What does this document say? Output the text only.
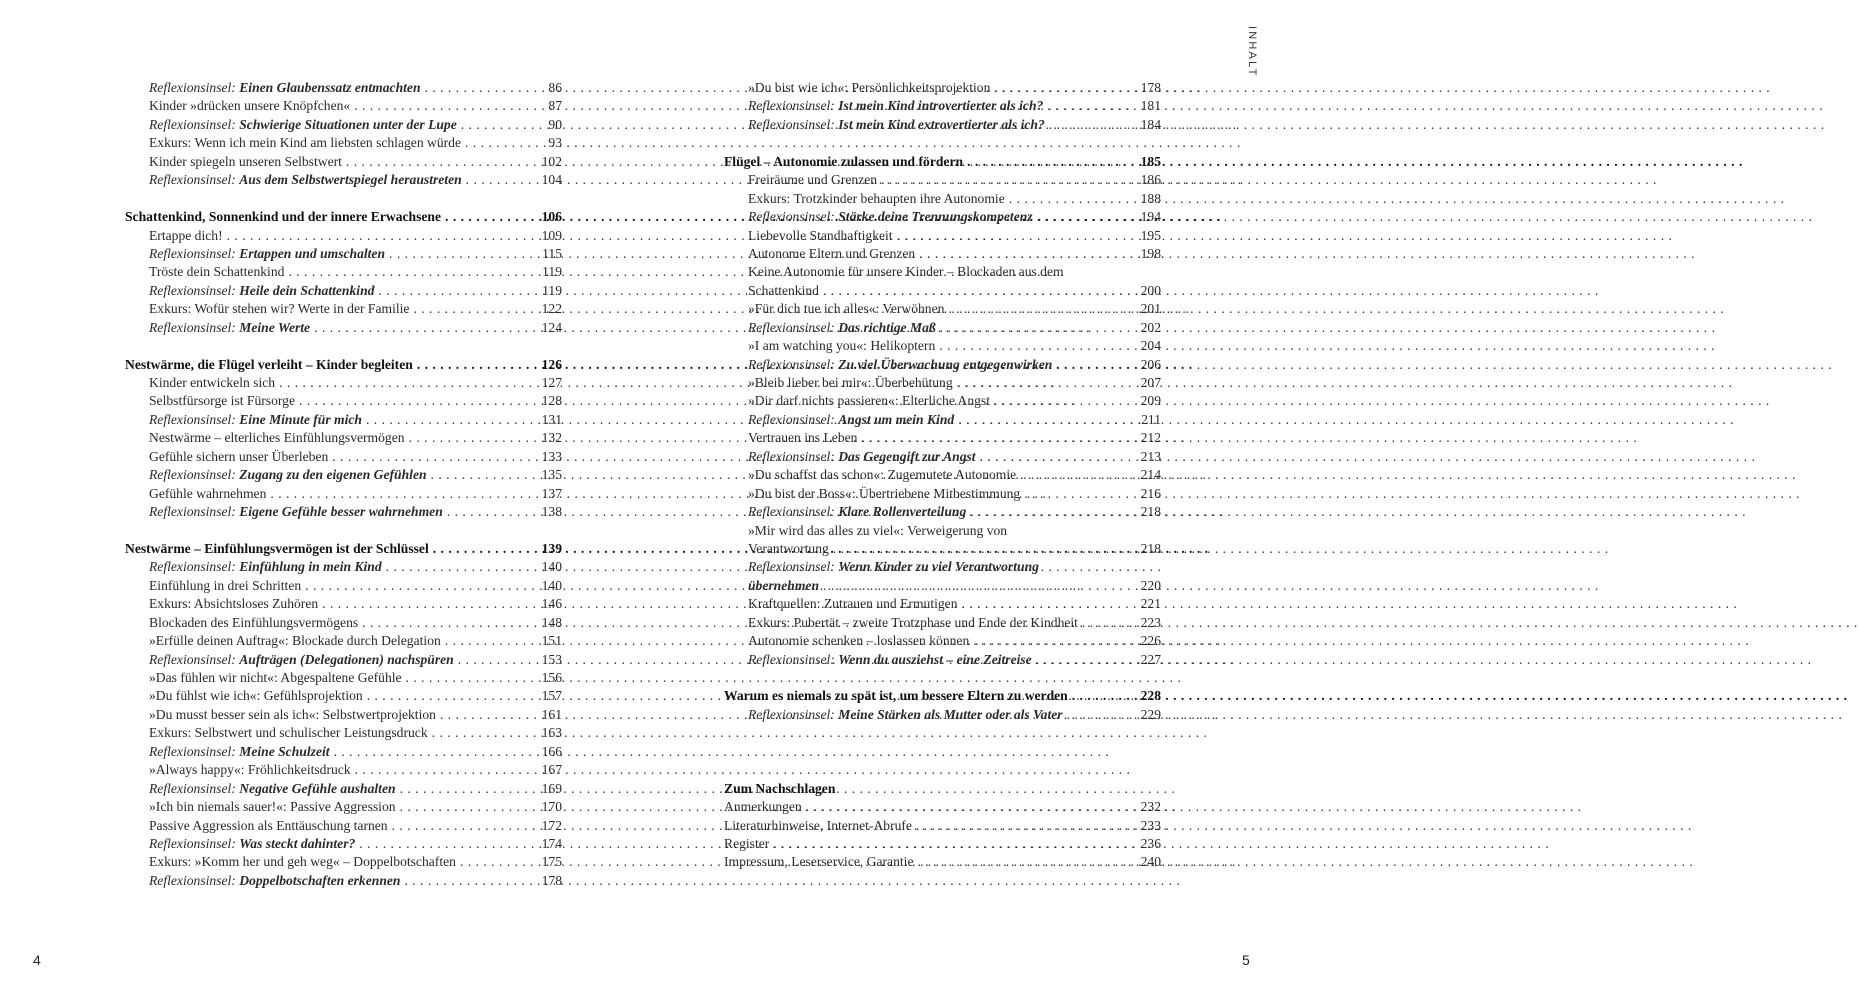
INHALT
Reflexionsinsel: Einen Glaubenssatz entmachten . . .	86
Kinder »drücken unsere Knöpfchen« . . .	87
Reflexionsinsel: Schwierige Situationen unter der Lupe . . .	90
Exkurs: Wenn ich mein Kind am liebsten schlagen würde . . .	93
Kinder spiegeln unseren Selbstwert . . .	102
Reflexionsinsel: Aus dem Selbstwertspiegel heraustreten . . .	104
Schattenkind, Sonnenkind und der innere Erwachsene . . .	106
Ertappe dich! . . .	109
Reflexionsinsel: Ertappen und umschalten . . .	115
Tröste dein Schattenkind . . .	119
Reflexionsinsel: Heile dein Schattenkind . . .	119
Exkurs: Wofür stehen wir? Werte in der Familie . . .	122
Reflexionsinsel: Meine Werte . . .	124
Nestwärme, die Flügel verleiht – Kinder begleiten . . .	126
Kinder entwickeln sich . . .	127
Selbstfürsorge ist Fürsorge . . .	128
Reflexionsinsel: Eine Minute für mich . . .	131
Nestwärme – elterliches Einfühlungsvermögen . . .	132
Gefühle sichern unser Überleben . . .	133
Reflexionsinsel: Zugang zu den eigenen Gefühlen . . .	135
Gefühle wahrnehmen . . .	137
Reflexionsinsel: Eigene Gefühle besser wahrnehmen . . .	138
Nestwärme – Einfühlungsvermögen ist der Schlüssel . . .	139
Reflexionsinsel: Einfühlung in mein Kind . . .	140
Einfühlung in drei Schritten . . .	140
Exkurs: Absichtsloses Zuhören . . .	146
Blockaden des Einfühlungsvermögens . . .	148
»Erfülle deinen Auftrag«: Blockade durch Delegation . . .	151
Reflexionsinsel: Aufträgen (Delegationen) nachspüren . . .	153
»Das fühlen wir nicht«: Abgespaltene Gefühle . . .	156
»Du fühlst wie ich«: Gefühlsprojektion . . .	157
»Du musst besser sein als ich«: Selbstwertprojektion . . .	161
Exkurs: Selbstwert und schulischer Leistungsdruck . . .	163
Reflexionsinsel: Meine Schulzeit . . .	166
»Always happy«: Fröhlichkeitsdruck . . .	167
Reflexionsinsel: Negative Gefühle aushalten . . .	169
»Ich bin niemals sauer!«: Passive Aggression . . .	170
Passive Aggression als Enttäuschung tarnen . . .	172
Reflexionsinsel: Was steckt dahinter? . . .	174
Exkurs: »Komm her und geh weg« – Doppelbotschaften . . .	175
Reflexionsinsel: Doppelbotschaften erkennen . . .	178
»Du bist wie ich«: Persönlichkeitsprojektion . . .	178
Reflexionsinsel: Ist mein Kind introvertierter als ich? . . .	181
Reflexionsinsel: Ist mein Kind extrovertierter als ich? . . .	184
Flügel – Autonomie zulassen und fördern . . .	185
Freiräume und Grenzen . . .	186
Exkurs: Trotzkinder behaupten ihre Autonomie . . .	188
Reflexionsinsel: Stärke deine Trennungskompetenz . . .	194
Liebevolle Standhaftigkeit . . .	195
Autonome Eltern und Grenzen . . .	198
Keine Autonomie für unsere Kinder – Blockaden aus dem
Schattenkind . . .	200
»Für dich tue ich alles«: Verwöhnen . . .	201
Reflexionsinsel: Das richtige Maß . . .	202
»I am watching you«: Helikoptern . . .	204
Reflexionsinsel: Zu viel Überwachung entgegenwirken . . .	206
»Bleib lieber bei mir«: Überbehütung . . .	207
»Dir darf nichts passieren«: Elterliche Angst . . .	209
Reflexionsinsel: Angst um mein Kind . . .	211
Vertrauen ins Leben . . .	212
Reflexionsinsel: Das Gegengift zur Angst . . .	213
»Du schaffst das schon«: Zugemutete Autonomie . . .	214
»Du bist der Boss«: Übertriebene Mitbestimmung . . .	216
Reflexionsinsel: Klare Rollenverteilung . . .	218
»Mir wird das alles zu viel«: Verweigerung von
Verantwortung . . .	218
Reflexionsinsel: Wenn Kinder zu viel Verantwortung
übernehmen . . .	220
Kraftquellen: Zutrauen und Ermutigen . . .	221
Exkurs: Pubertät – zweite Trotzphase und Ende der Kindheit . . .	223
Autonomie schenken – loslassen können . . .	226
Reflexionsinsel: Wenn du ausziehst – eine Zeitreise . . .	227
Warum es niemals zu spät ist, um bessere Eltern zu werden . . .	228
Reflexionsinsel: Meine Stärken als Mutter oder als Vater . . .	229
Zum Nachschlagen
Anmerkungen . . .	232
Literaturhinweise, Internet-Abrufe . . .	233
Register . . .	236
Impressum, Leserservice, Garantie . . .	240
4	5
